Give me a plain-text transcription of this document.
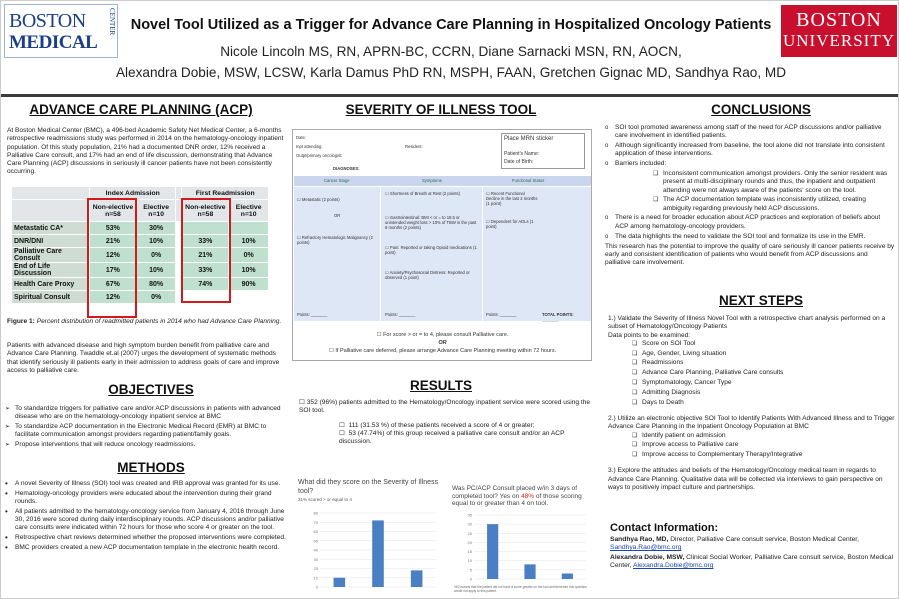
BOSTON
MEDICAL
CENTER	Novel Tool Utilized as a Trigger for Advance Care Planning in Hospitalized Oncology Patients
Nicole Lincoln MS, RN, APRN-BC, CCRN, Diane Sarnacki MSN, RN, AOCN,
Alexandra Dobie, MSW, LCSW, Karla Damus PhD RN, MSPH, FAAN, Gretchen Gignac MD, Sandhya Rao, MD
BOSTON
UNIVERSITY
ADVANCE CARE PLANNING (ACP)
At Boston Medical Center (BMC), a 496-bed Academic Safety Net Medical Center, a 6-months retrospective readmissions study was performed in 2014 on the hematology-oncology inpatient population. Of this study population, 21% had a documented DNR order, 12% received a Palliative Care consult, and 17% had an end of life discussion, demonstrating that Advance Care Planning (ACP) discussions in seriously ill cancer patients have not been consistently occurring.
	Index Admission			First Readmission	
	Non-elective n=58	Elective n=10		Non-elective n=58	Elective n=10
Metastatic CA*	53%	30%			
DNR/DNI	21%	10%		33%	10%
Palliative Care Consult	12%	0%		21%	0%
End of Life Discussion	17%	10%		33%	10%
Health Care Proxy	67%	80%		74%	90%
Spiritual Consult	12%	0%			
Figure 1: Percent distribution of readmitted patients in 2014 who had Advance Care Planning.
Patients with advanced disease and high symptom burden benefit from palliative care and Advance Care Planning. Twaddle et.al (2007) urges the development of systematic methods that identify seriously ill patients early in their admission to address goals of care and improve access to palliative care.
OBJECTIVES
➢ To standardize triggers for palliative care and/or ACP discussions in patients with advanced disease who are on the hematology-oncology inpatient service at BMC
➢ To standardize ACP documentation in the Electronic Medical Record (EMR) at BMC to facilitate communication amongst providers regarding patient/family goals.
➢ Propose interventions that will reduce oncology readmissions.
METHODS
• A novel Severity of Illness (SOI) tool was created and IRB approval was granted for its use.
• Hematology-oncology providers were educated about the intervention during their grand rounds.
• All patients admitted to the hematology-oncology service from January 4, 2016 through June 30, 2016 were scored during daily interdisciplinary rounds. ACP discussions and/or palliative care consults were indicated within 72 hours for those who score 4 or greater on the tool.
• Retrospective chart reviews determined whether the proposed interventions were completed.
• BMC providers created a new ACP documentation template in the electronic health record.
SEVERITY OF ILLNESS TOOL
Place MRN sticker
Patient's Name:
Date of Birth:
Date:
Inpt attending:	Resident:
Outpt/primary oncologist:
DIAGNOSES:
Cancer Stage	Symptoms	Functional Status
☐ Metastatic (2 points)
OR
☐ Refractory Hematologic Malignancy (2 points)
☐ Shortness of Breath at Rest (2 points)
☐ Gastrointestinal: BMI < or = to 18.5 or unintended weight loss > 10% of TBW in the past 6 months (2 points)
☐ Pain: Reported or taking Opioid medications (1 point)
☐ Anxiety/Psychosocial Distress: Reported or observed (1 point)
☐ Recent Functional Decline in the last 2 months (1 point)
☐ Dependent for ADLs (1 point)
Points: _______	Points: _______	Points: _______	TOTAL POINTS: _______
☐ For score > or = to 4, please consult Palliative care.
OR
☐ If Palliative care deferred, please arrange Advance Care Planning meeting within 72 hours.
RESULTS
☐ 352 (96%) patients admitted to the Hematology/Oncology inpatient service were scored using the SOI tool.
☐  111 (31.53 %) of these patients received a score of 4 or greater;
☐  53 (47.74%) of this group received a palliative care consult and/or an ACP discussion.
What did they score on the Severity of Illness tool?
31% scored > or equal to 4
80
70
60
50
40
30
20
10
0
Was PC/ACP Consult placed w/in 3 days of completed tool? Yes on 48% of those scoring equal to or greater than 4 on tool.
35
30
25
20
15
10
5
0
*8/2 means that the patient did not have a score greater on the tool and therefore this question would not apply to this patient.
CONCLUSIONS
o SOI tool promoted awareness among staff of the need for ACP discussions and/or palliative care involvement in identified patients.
o Although significantly increased from baseline, the tool alone did not translate into consistent application of these interventions.
o Barriers included:
❑ Inconsistent communication amongst providers. Only the senior resident was present at multi-disciplinary rounds and thus, the inpatient and outpatient attending were not always aware of the patients' score on the tool.
❑ The ACP documentation template was inconsistently utilized, creating ambiguity regarding previously held ACP discussions.
o There is a need for broader education about ACP practices and exploration of beliefs about ACP among hematology-oncology providers.
o The data highlights the need to validate the SOI tool and formalize its use in the EMR.
This research has the potential to improve the quality of care seriously ill cancer patients receive by early and consistent identification of patients who would benefit from ACP discussions and palliative care involvement.
NEXT STEPS
1.) Validate the Severity of Illness Novel Tool with a retrospective chart analysis performed on a subset of Hematology/Oncology Patients
Data points to be examined:
❑ Score on SOI Tool
❑ Age, Gender, Living situation
❑ Readmissions
❑ Advance Care Planning, Palliative Care consults
❑ Symptomatology, Cancer Type
❑ Admitting Diagnosis
❑ Days to Death
2.) Utilize an electronic objective SOI Tool to Identify Patients With Advanced Illness and to Trigger Advance Care Planning in the Inpatient Oncology Population at BMC
❑ Identify patient on admission
❑ Improve access to Palliative care
❑ Improve access to Complementary Therapy/Integrative
3.) Explore the attitudes and beliefs of the Hematology/Oncology medical team in regards to Advance Care Planning. Qualitative data will be collected via interviews to gain perspective on ways to positively impact culture and partnerships.
Contact Information:
Sandhya Rao, MD, Director, Palliative Care consult service, Boston Medical Center,
Sandhya.Rao@bmc.org
Alexandra Dobie, MSW, Clinical Social Worker, Palliative Care consult service, Boston Medical Center, Alexandra.Dobie@bmc.org
